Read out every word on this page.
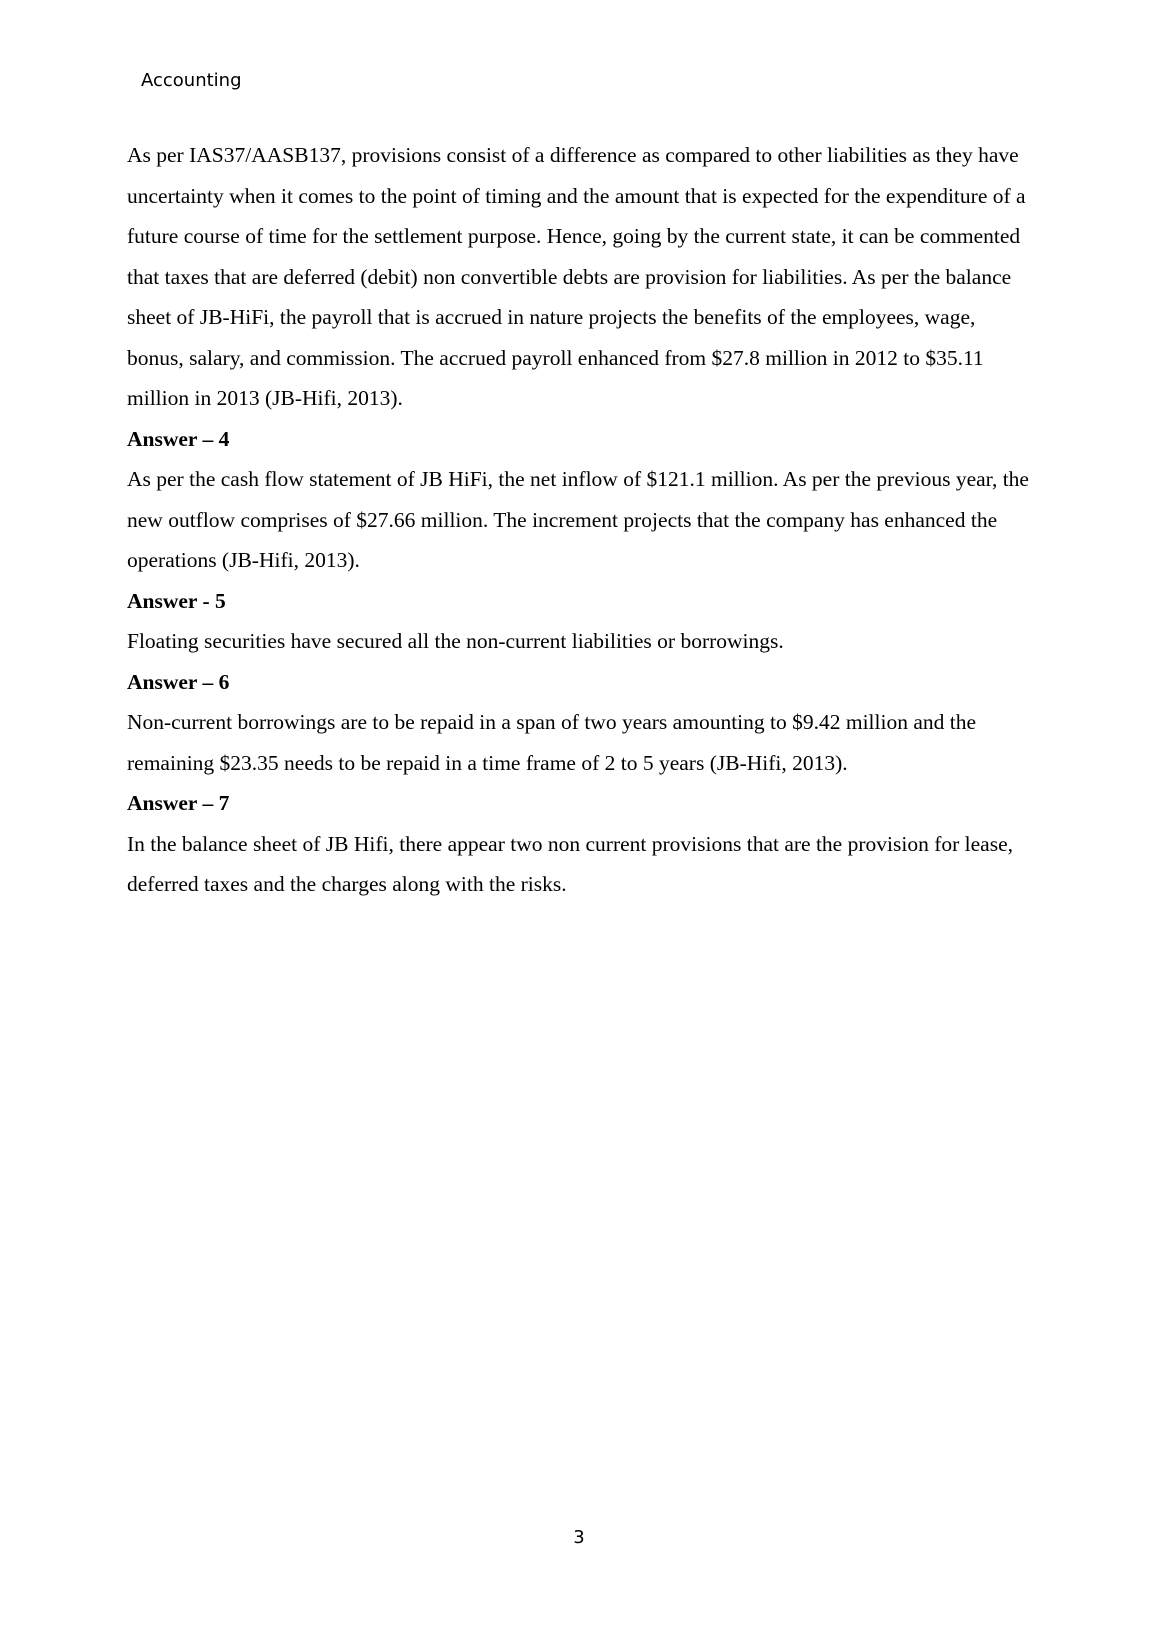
Accounting

As per IAS37/AASB137, provisions consist of a difference as compared to other liabilities as they have uncertainty when it comes to the point of timing and the amount that is expected for the expenditure of a future course of time for the settlement purpose. Hence, going by the current state, it can be commented that taxes that are deferred (debit) non convertible debts are provision for liabilities. As per the balance sheet of JB-HiFi, the payroll that is accrued in nature projects the benefits of the employees, wage, bonus, salary, and commission. The accrued payroll enhanced from $27.8 million in 2012 to $35.11 million in 2013 (JB-Hifi, 2013).

Answer – 4

As per the cash flow statement of JB HiFi, the net inflow of $121.1 million. As per the previous year, the new outflow comprises of $27.66 million. The increment projects that the company has enhanced the operations (JB-Hifi, 2013).

Answer - 5

Floating securities have secured all the non-current liabilities or borrowings.

Answer – 6

Non-current borrowings are to be repaid in a span of two years amounting to $9.42 million and the remaining $23.35 needs to be repaid in a time frame of 2 to 5 years (JB-Hifi, 2013).

Answer – 7

In the balance sheet of JB Hifi, there appear two non current provisions that are the provision for lease, deferred taxes and the charges along with the risks.

3
